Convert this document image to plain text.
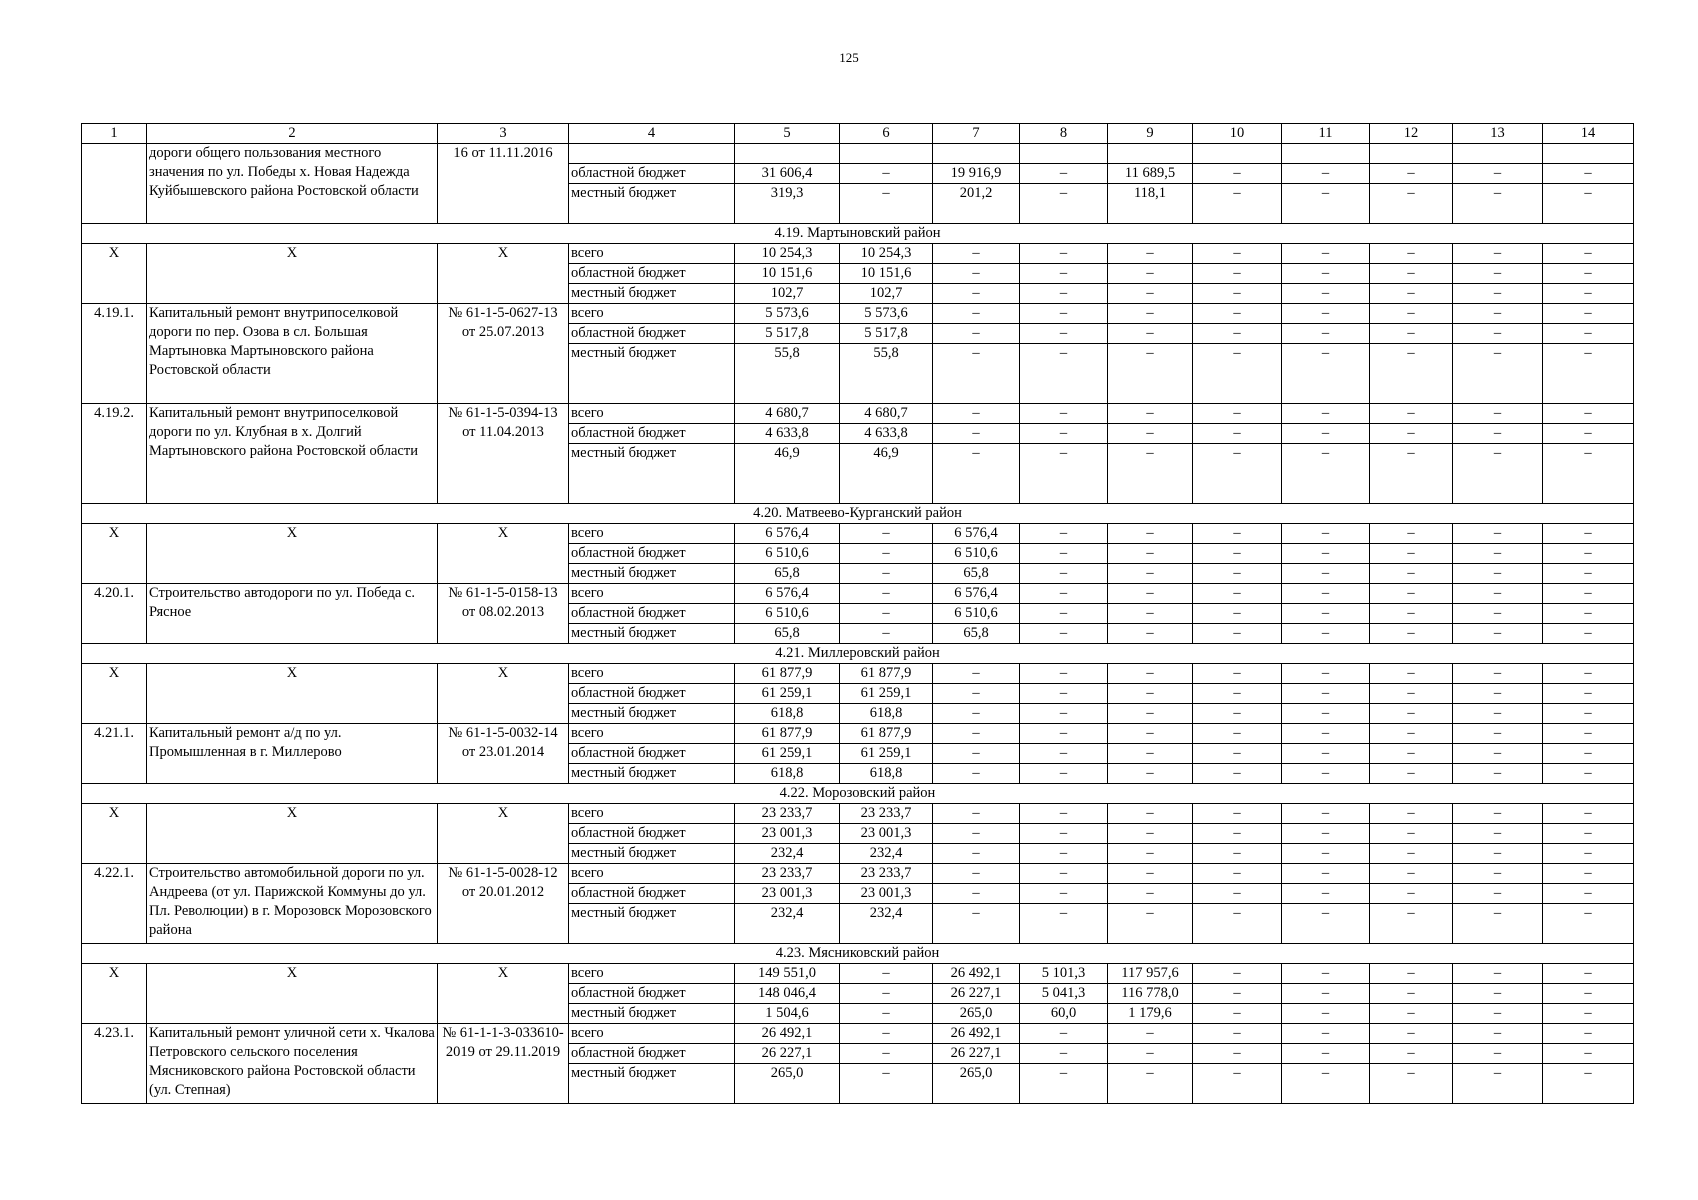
125
1	2	3	4	5	6	7	8	9	10	11	12	13	14
	дороги общего пользования местного значения по ул. Победы х. Новая Надежда Куйбышевского района Ростовской области	16 от 11.11.2016											
			областной бюджет	31 606,4	–	19 916,9	–	11 689,5	–	–	–	–	–
			местный бюджет	319,3	–	201,2	–	118,1	–	–	–	–	–

4.19. Мартыновский район													
Х	Х	Х	всего	10 254,3	10 254,3	–	–	–	–	–	–	–	–
			областной бюджет	10 151,6	10 151,6	–	–	–	–	–	–	–	–
			местный бюджет	102,7	102,7	–	–	–	–	–	–	–	–
4.19.1.	Капитальный ремонт внутрипоселковой дороги по пер. Озова в сл. Большая Мартыновка Мартыновского района Ростовской области	№ 61-1-5-0627-13 от 25.07.2013	всего	5 573,6	5 573,6	–	–	–	–	–	–	–	–
			областной бюджет	5 517,8	5 517,8	–	–	–	–	–	–	–	–
			местный бюджет	55,8	55,8	–	–	–	–	–	–	–	–

4.19.2.	Капитальный ремонт внутрипоселковой дороги по ул. Клубная в х. Долгий Мартыновского района Ростовской области	№ 61-1-5-0394-13 от 11.04.2013	всего	4 680,7	4 680,7	–	–	–	–	–	–	–	–
			областной бюджет	4 633,8	4 633,8	–	–	–	–	–	–	–	–
			местный бюджет	46,9	46,9	–	–	–	–	–	–	–	–

4.20. Матвеево-Курганский район													
Х	Х	Х	всего	6 576,4	–	6 576,4	–	–	–	–	–	–	–
			областной бюджет	6 510,6	–	6 510,6	–	–	–	–	–	–	–
			местный бюджет	65,8	–	65,8	–	–	–	–	–	–	–
4.20.1.	Строительство автодороги по ул. Победа с. Рясное	№ 61-1-5-0158-13 от 08.02.2013	всего	6 576,4	–	6 576,4	–	–	–	–	–	–	–
			областной бюджет	6 510,6	–	6 510,6	–	–	–	–	–	–	–
			местный бюджет	65,8	–	65,8	–	–	–	–	–	–	–
4.21. Миллеровский район													
Х	Х	Х	всего	61 877,9	61 877,9	–	–	–	–	–	–	–	–
			областной бюджет	61 259,1	61 259,1	–	–	–	–	–	–	–	–
			местный бюджет	618,8	618,8	–	–	–	–	–	–	–	–
4.21.1.	Капитальный ремонт а/д по ул. Промышленная в г. Миллерово	№ 61-1-5-0032-14 от 23.01.2014	всего	61 877,9	61 877,9	–	–	–	–	–	–	–	–
			областной бюджет	61 259,1	61 259,1	–	–	–	–	–	–	–	–
			местный бюджет	618,8	618,8	–	–	–	–	–	–	–	–
4.22. Морозовский район													
Х	Х	Х	всего	23 233,7	23 233,7	–	–	–	–	–	–	–	–
			областной бюджет	23 001,3	23 001,3	–	–	–	–	–	–	–	–
			местный бюджет	232,4	232,4	–	–	–	–	–	–	–	–
4.22.1.	Строительство автомобильной дороги по ул. Андреева (от ул. Парижской Коммуны до ул. Пл. Революции) в г. Морозовск Морозовского района	№ 61-1-5-0028-12 от 20.01.2012	всего	23 233,7	23 233,7	–	–	–	–	–	–	–	–
			областной бюджет	23 001,3	23 001,3	–	–	–	–	–	–	–	–
			местный бюджет	232,4	232,4	–	–	–	–	–	–	–	–

4.23. Мясниковский район													
Х	Х	Х	всего	149 551,0	–	26 492,1	5 101,3	117 957,6	–	–	–	–	–
			областной бюджет	148 046,4	–	26 227,1	5 041,3	116 778,0	–	–	–	–	–
			местный бюджет	1 504,6	–	265,0	60,0	1 179,6	–	–	–	–	–
4.23.1.	Капитальный ремонт уличной сети х. Чкалова Петровского сельского поселения Мясниковского района Ростовской области (ул. Степная)	№ 61-1-1-3-033610-2019 от 29.11.2019	всего	26 492,1	–	26 492,1	–	–	–	–	–	–	–
			областной бюджет	26 227,1	–	26 227,1	–	–	–	–	–	–	–
			местный бюджет	265,0	–	265,0	–	–	–	–	–	–	–
